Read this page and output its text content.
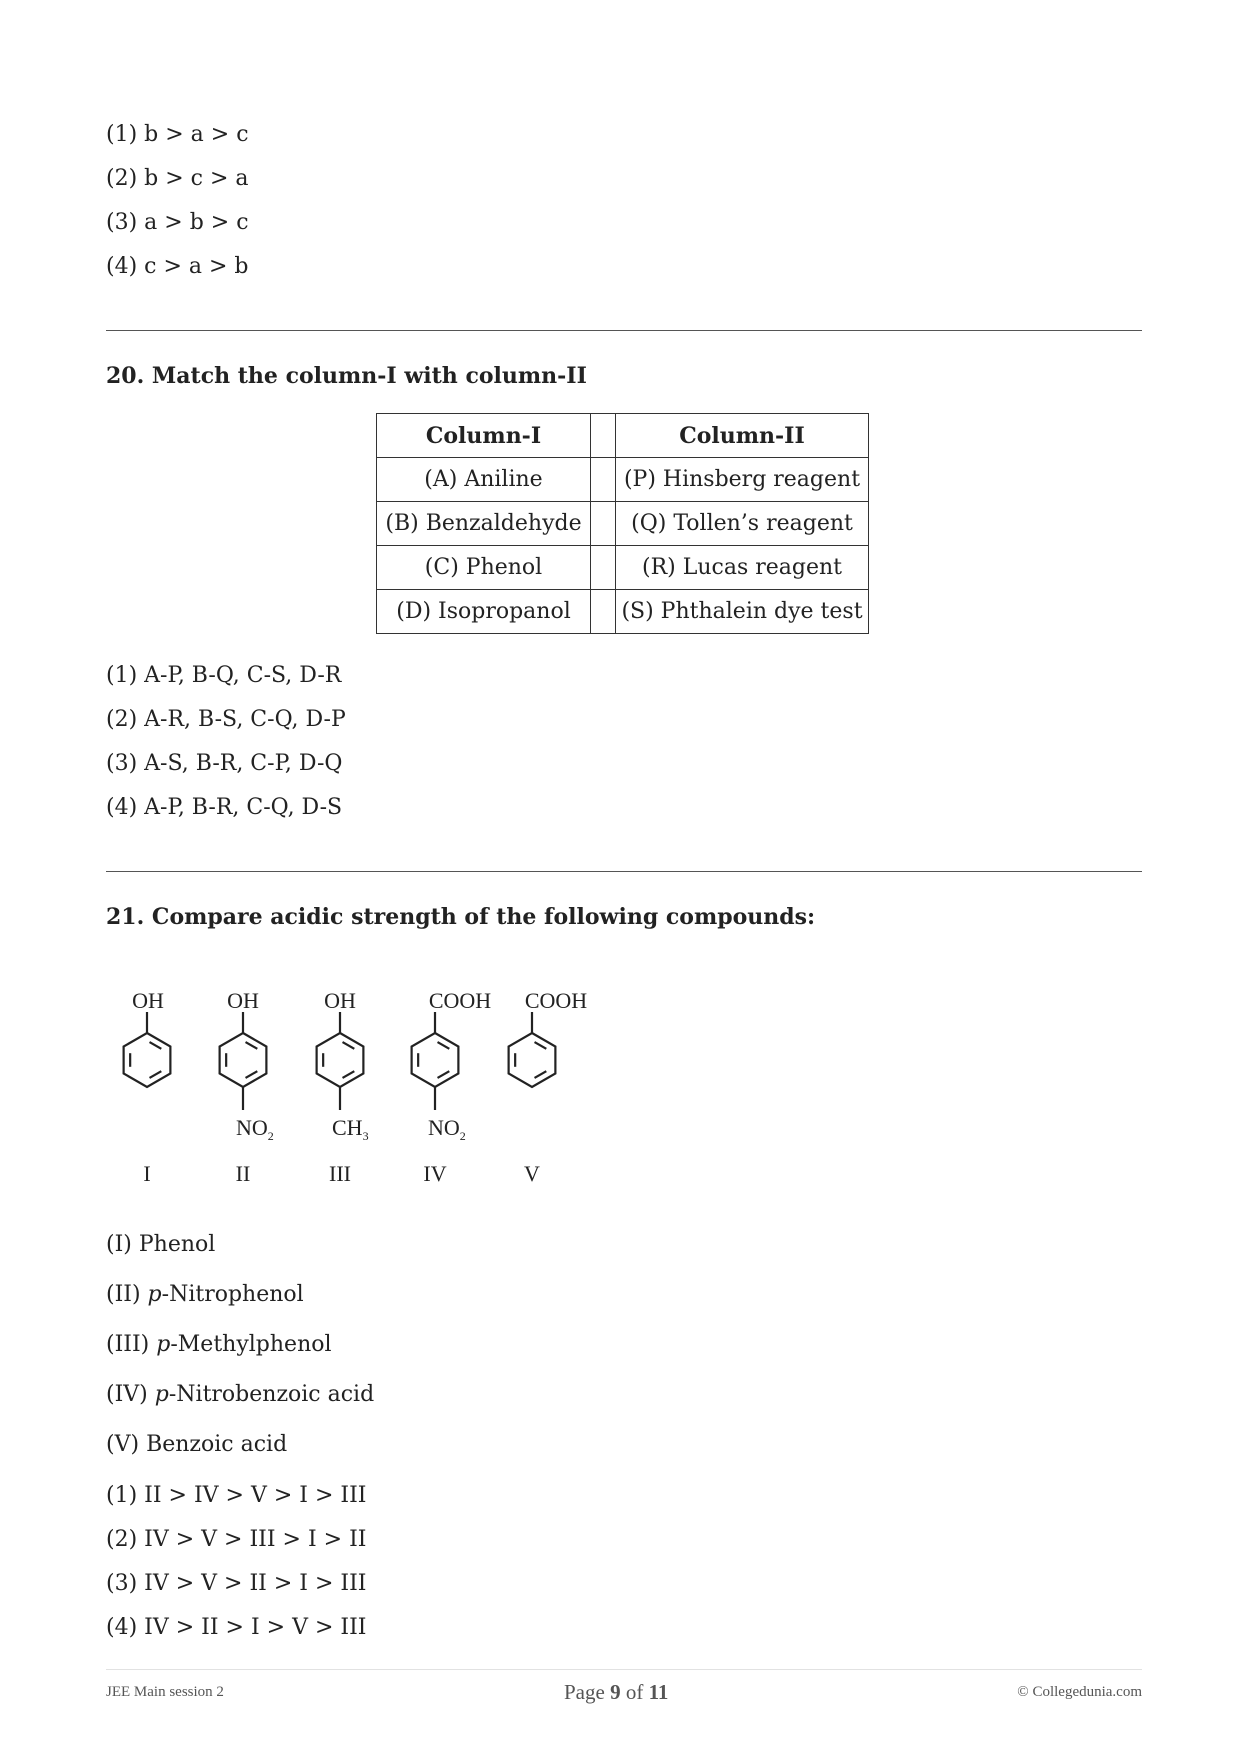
(1) b > a > c
(2) b > c > a
(3) a > b > c
(4) c > a > b
20. Match the column-I with column-II
Column-I		Column-II
(A) Aniline		(P) Hinsberg reagent
(B) Benzaldehyde		(Q) Tollen’s reagent
(C) Phenol		(R) Lucas reagent
(D) Isopropanol		(S) Phthalein dye test
(1) A-P, B-Q, C-S, D-R
(2) A-R, B-S, C-Q, D-P
(3) A-S, B-R, C-P, D-Q
(4) A-P, B-R, C-Q, D-S
21. Compare acidic strength of the following compounds:
OH	OH	OH	COOH COOH
$NO_2$	$CH_3$	$NO_2$
I	II	III	IV	V
(I) Phenol
(II) p-Nitrophenol
(III) p-Methylphenol
(IV) p-Nitrobenzoic acid
(V) Benzoic acid
(1) II > IV > V > I > III
(2) IV > V > III > I > II
(3) IV > V > II > I > III
(4) IV > II > I > V > III
JEE Main session 2	Page 9 of 11	© Collegedunia.com
